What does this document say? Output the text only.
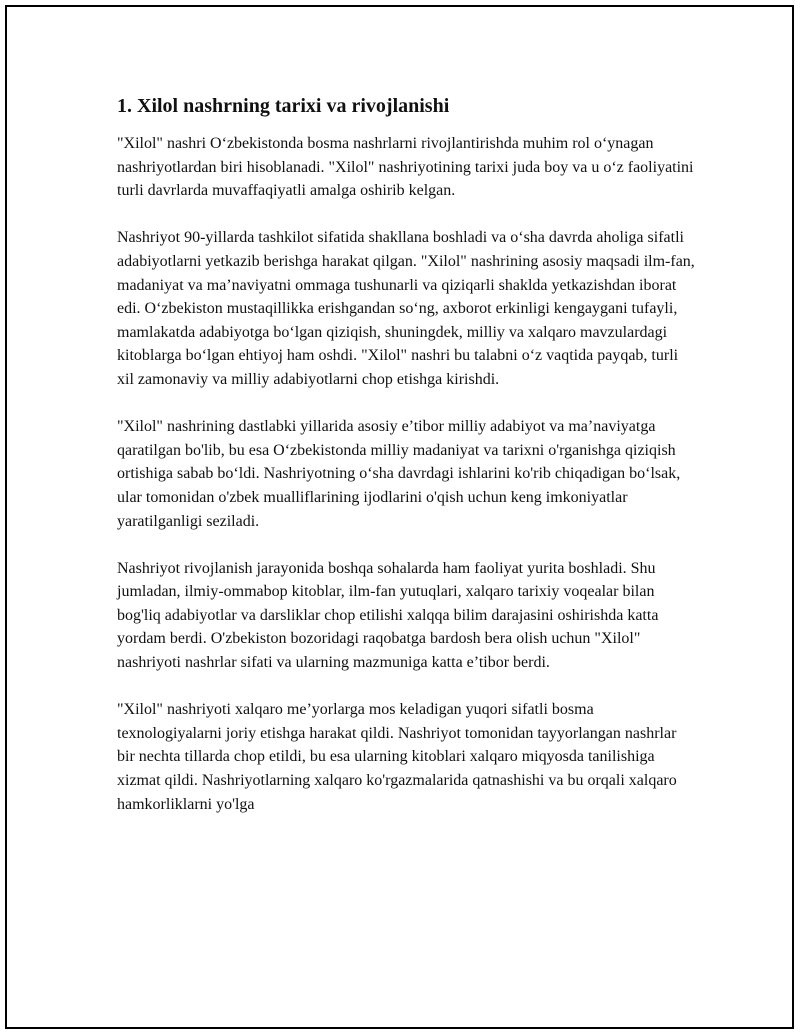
1. Xilol nashrning tarixi va rivojlanishi

"Xilol" nashri O‘zbekistonda bosma nashrlarni rivojlantirishda muhim rol o‘ynagan nashriyotlardan biri hisoblanadi. "Xilol" nashriyotining tarixi juda boy va u o‘z faoliyatini turli davrlarda muvaffaqiyatli amalga oshirib kelgan.

Nashriyot 90-yillarda tashkilot sifatida shakllana boshladi va o‘sha davrda aholiga sifatli adabiyotlarni yetkazib berishga harakat qilgan. "Xilol" nashrining asosiy maqsadi ilm-fan, madaniyat va ma’naviyatni ommaga tushunarli va qiziqarli shaklda yetkazishdan iborat edi. O‘zbekiston mustaqillikka erishgandan so‘ng, axborot erkinligi kengaygani tufayli, mamlakatda adabiyotga bo‘lgan qiziqish, shuningdek, milliy va xalqaro mavzulardagi kitoblarga bo‘lgan ehtiyoj ham oshdi. "Xilol" nashri bu talabni o‘z vaqtida payqab, turli xil zamonaviy va milliy adabiyotlarni chop etishga kirishdi.

"Xilol" nashrining dastlabki yillarida asosiy e’tibor milliy adabiyot va ma’naviyatga qaratilgan bo'lib, bu esa O‘zbekistonda milliy madaniyat va tarixni o'rganishga qiziqish ortishiga sabab bo‘ldi. Nashriyotning o‘sha davrdagi ishlarini ko'rib chiqadigan bo‘lsak, ular tomonidan o'zbek mualliflarining ijodlarini o'qish uchun keng imkoniyatlar yaratilganligi seziladi.

Nashriyot rivojlanish jarayonida boshqa sohalarda ham faoliyat yurita boshladi. Shu jumladan, ilmiy-ommabop kitoblar, ilm-fan yutuqlari, xalqaro tarixiy voqealar bilan bog'liq adabiyotlar va darsliklar chop etilishi xalqqa bilim darajasini oshirishda katta yordam berdi. O'zbekiston bozoridagi raqobatga bardosh bera olish uchun "Xilol" nashriyoti nashrlar sifati va ularning mazmuniga katta e’tibor berdi.

"Xilol" nashriyoti xalqaro me’yorlarga mos keladigan yuqori sifatli bosma texnologiyalarni joriy etishga harakat qildi. Nashriyot tomonidan tayyorlangan nashrlar bir nechta tillarda chop etildi, bu esa ularning kitoblari xalqaro miqyosda tanilishiga xizmat qildi. Nashriyotlarning xalqaro ko'rgazmalarida qatnashishi va bu orqali xalqaro hamkorliklarni yo'lga
